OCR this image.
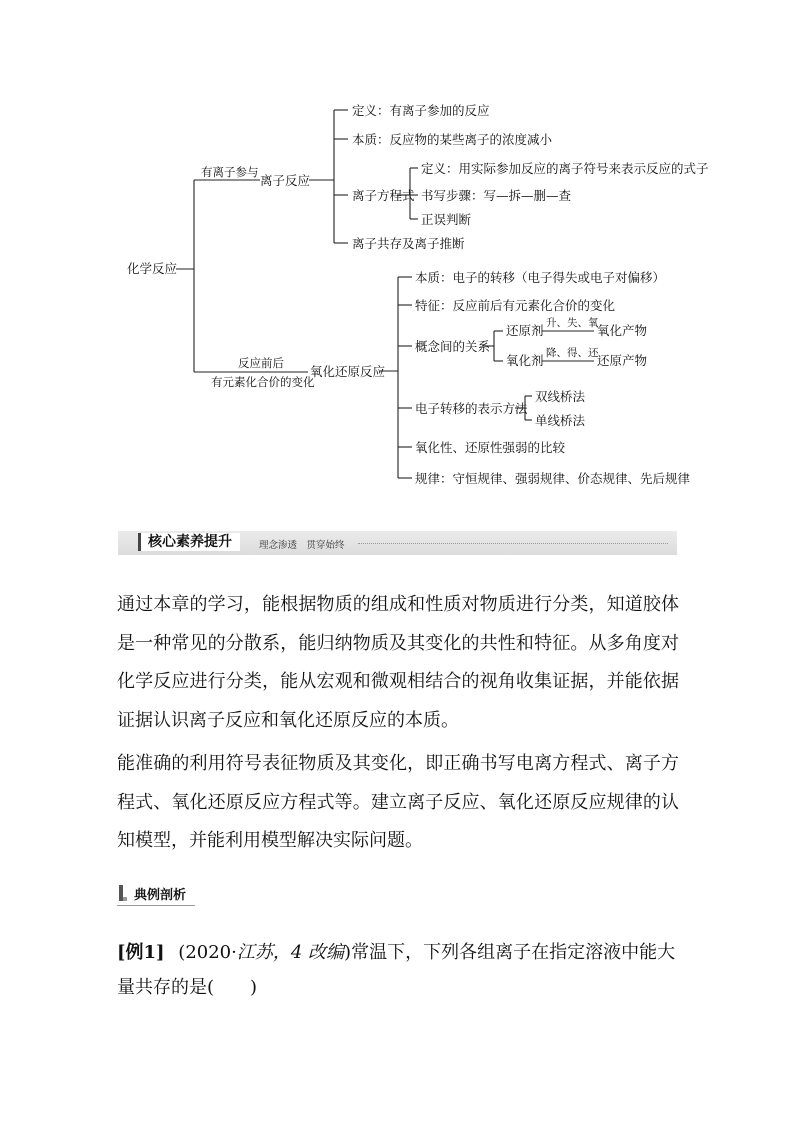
化学反应
有离子参与
离子反应
定义：有离子参加的反应
本质：反应物的某些离子的浓度减小
离子方程式
定义：用实际参加反应的离子符号来表示反应的式子
书写步骤：写—拆—删—查
正误判断
离子共存及离子推断
反应前后
有元素化合价的变化
氧化还原反应
本质：电子的转移（电子得失或电子对偏移）
特征：反应前后有元素化合价的变化
概念间的关系
还原剂 升、失、氧
氧化产物
氧化剂 降、得、还
还原产物
电子转移的表示方法
双线桥法
单线桥法
氧化性、还原性强弱的比较
规律：守恒规律、强弱规律、价态规律、先后规律
核心素养提升	理念渗透　贯穿始终
通过本章的学习，能根据物质的组成和性质对物质进行分类，知道胶体是一种常见的分散系，能归纳物质及其变化的共性和特征。从多角度对化学反应进行分类，能从宏观和微观相结合的视角收集证据，并能依据证据认识离子反应和氧化还原反应的本质。
能准确的利用符号表征物质及其变化，即正确书写电离方程式、离子方程式、氧化还原反应方程式等。建立离子反应、氧化还原反应规律的认知模型，并能利用模型解决实际问题。
典例剖析
[例1] (2020·江苏，4 改编)常温下，下列各组离子在指定溶液中能大
量共存的是(　　)
